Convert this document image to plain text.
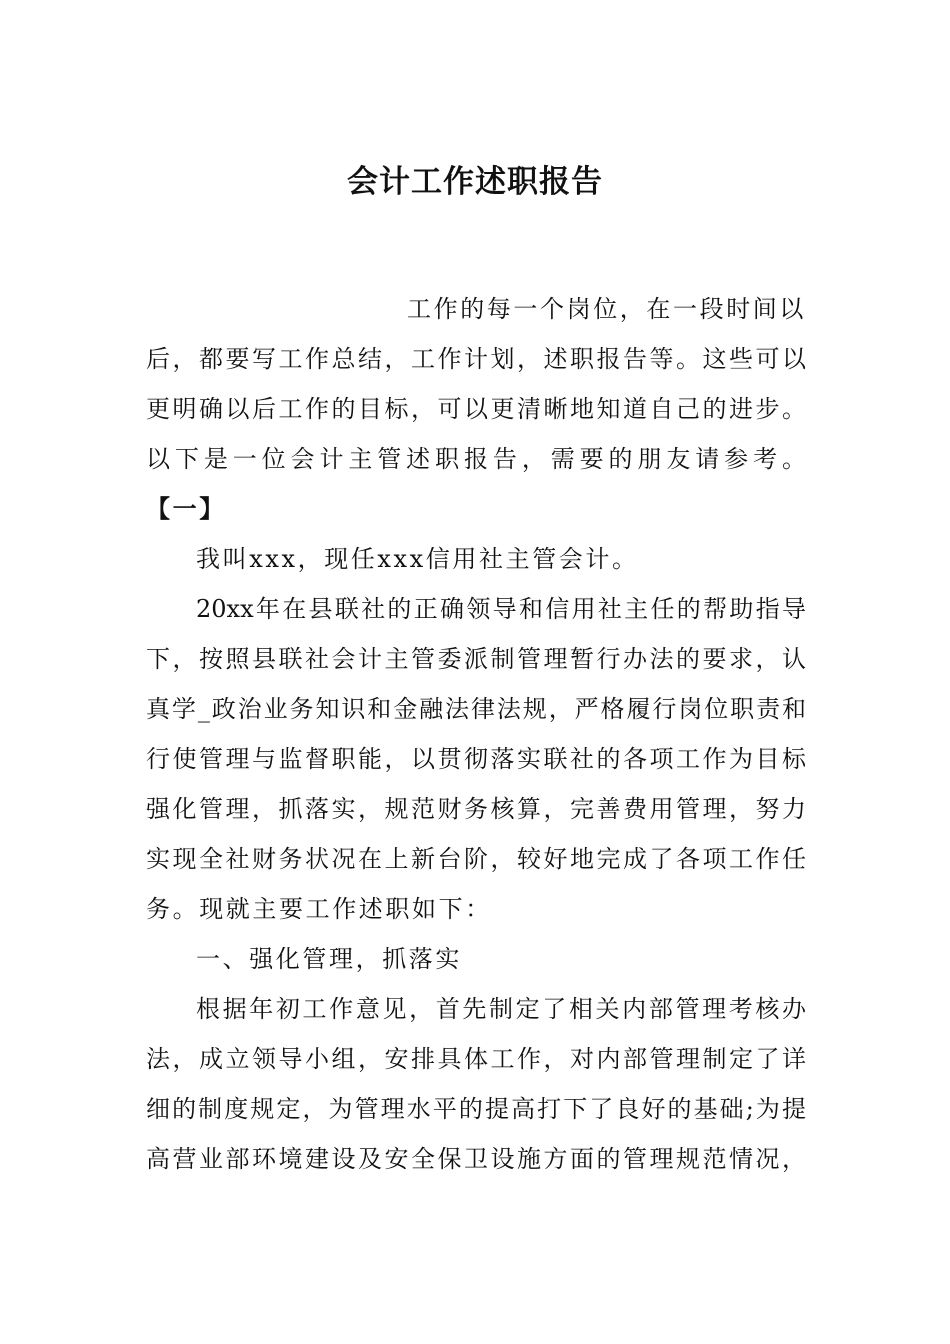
会计工作述职报告
工作的每一个岗位，在一段时间以
后，都要写工作总结，工作计划，述职报告等。这些可以
更明确以后工作的目标，可以更清晰地知道自己的进步。
以下是一位会计主管述职报告，需要的朋友请参考。
【一】
我叫xxx，现任xxx信用社主管会计。
20xx年在县联社的正确领导和信用社主任的帮助指导
下，按照县联社会计主管委派制管理暂行办法的要求，认
真学_政治业务知识和金融法律法规，严格履行岗位职责和
行使管理与监督职能，以贯彻落实联社的各项工作为目标
强化管理，抓落实，规范财务核算，完善费用管理，努力
实现全社财务状况在上新台阶，较好地完成了各项工作任
务。现就主要工作述职如下：
一、强化管理，抓落实
根据年初工作意见，首先制定了相关内部管理考核办
法，成立领导小组，安排具体工作，对内部管理制定了详
细的制度规定，为管理水平的提高打下了良好的基础;为提
高营业部环境建设及安全保卫设施方面的管理规范情况，
